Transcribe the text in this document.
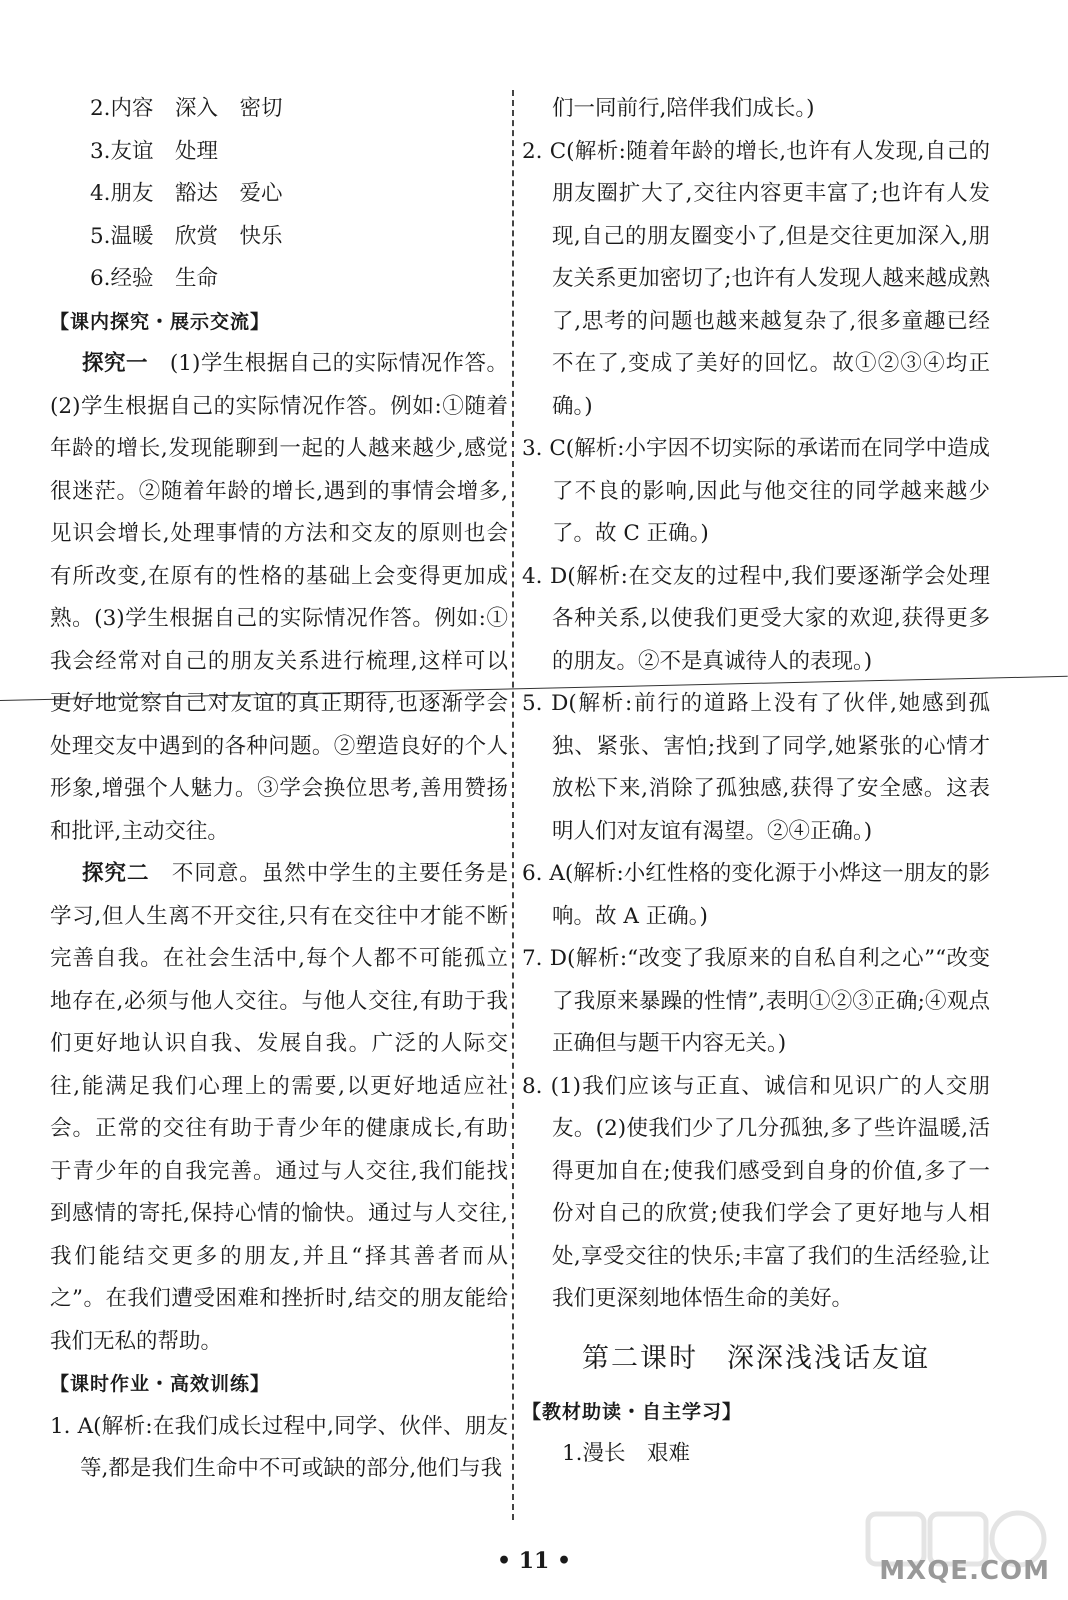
2.内容　深入　密切

3.友谊　处理

4.朋友　豁达　爱心

5.温暖　欣赏　快乐

6.经验　生命

【课内探究・展示交流】

探究一　(1)学生根据自己的实际情况作答。(2)学生根据自己的实际情况作答。例如:①随着年龄的增长,发现能聊到一起的人越来越少,感觉很迷茫。②随着年龄的增长,遇到的事情会增多,见识会增长,处理事情的方法和交友的原则也会有所改变,在原有的性格的基础上会变得更加成熟。(3)学生根据自己的实际情况作答。例如:①我会经常对自己的朋友关系进行梳理,这样可以更好地觉察自己对友谊的真正期待,也逐渐学会处理交友中遇到的各种问题。②塑造良好的个人形象,增强个人魅力。③学会换位思考,善用赞扬和批评,主动交往。

探究二　不同意。虽然中学生的主要任务是学习,但人生离不开交往,只有在交往中才能不断完善自我。在社会生活中,每个人都不可能孤立地存在,必须与他人交往。与他人交往,有助于我们更好地认识自我、发展自我。广泛的人际交往,能满足我们心理上的需要,以更好地适应社会。正常的交往有助于青少年的健康成长,有助于青少年的自我完善。通过与人交往,我们能找到感情的寄托,保持心情的愉快。通过与人交往,我们能结交更多的朋友,并且“择其善者而从之”。在我们遭受困难和挫折时,结交的朋友能给我们无私的帮助。

【课时作业・高效训练】

1. A(解析:在我们成长过程中,同学、伙伴、朋友等,都是我们生命中不可或缺的部分,他们与我

们一同前行,陪伴我们成长。)

2. C(解析:随着年龄的增长,也许有人发现,自己的朋友圈扩大了,交往内容更丰富了;也许有人发现,自己的朋友圈变小了,但是交往更加深入,朋友关系更加密切了;也许有人发现人越来越成熟了,思考的问题也越来越复杂了,很多童趣已经不在了,变成了美好的回忆。故①②③④均正确。)

3. C(解析:小宇因不切实际的承诺而在同学中造成了不良的影响,因此与他交往的同学越来越少了。故 C 正确。)

4. D(解析:在交友的过程中,我们要逐渐学会处理各种关系,以使我们更受大家的欢迎,获得更多的朋友。②不是真诚待人的表现。)

5. D(解析:前行的道路上没有了伙伴,她感到孤独、紧张、害怕;找到了同学,她紧张的心情才放松下来,消除了孤独感,获得了安全感。这表明人们对友谊有渴望。②④正确。)

6. A(解析:小红性格的变化源于小烨这一朋友的影响。故 A 正确。)

7. D(解析:“改变了我原来的自私自利之心”“改变了我原来暴躁的性情”,表明①②③正确;④观点正确但与题干内容无关。)

8. (1)我们应该与正直、诚信和见识广的人交朋友。(2)使我们少了几分孤独,多了些许温暖,活得更加自在;使我们感受到自身的价值,多了一份对自己的欣赏;使我们学会了更好地与人相处,享受交往的快乐;丰富了我们的生活经验,让我们更深刻地体悟生命的美好。

第二课时　深深浅浅话友谊

【教材助读・自主学习】

1.漫长　艰难

• 11 •	MXQE.COM
